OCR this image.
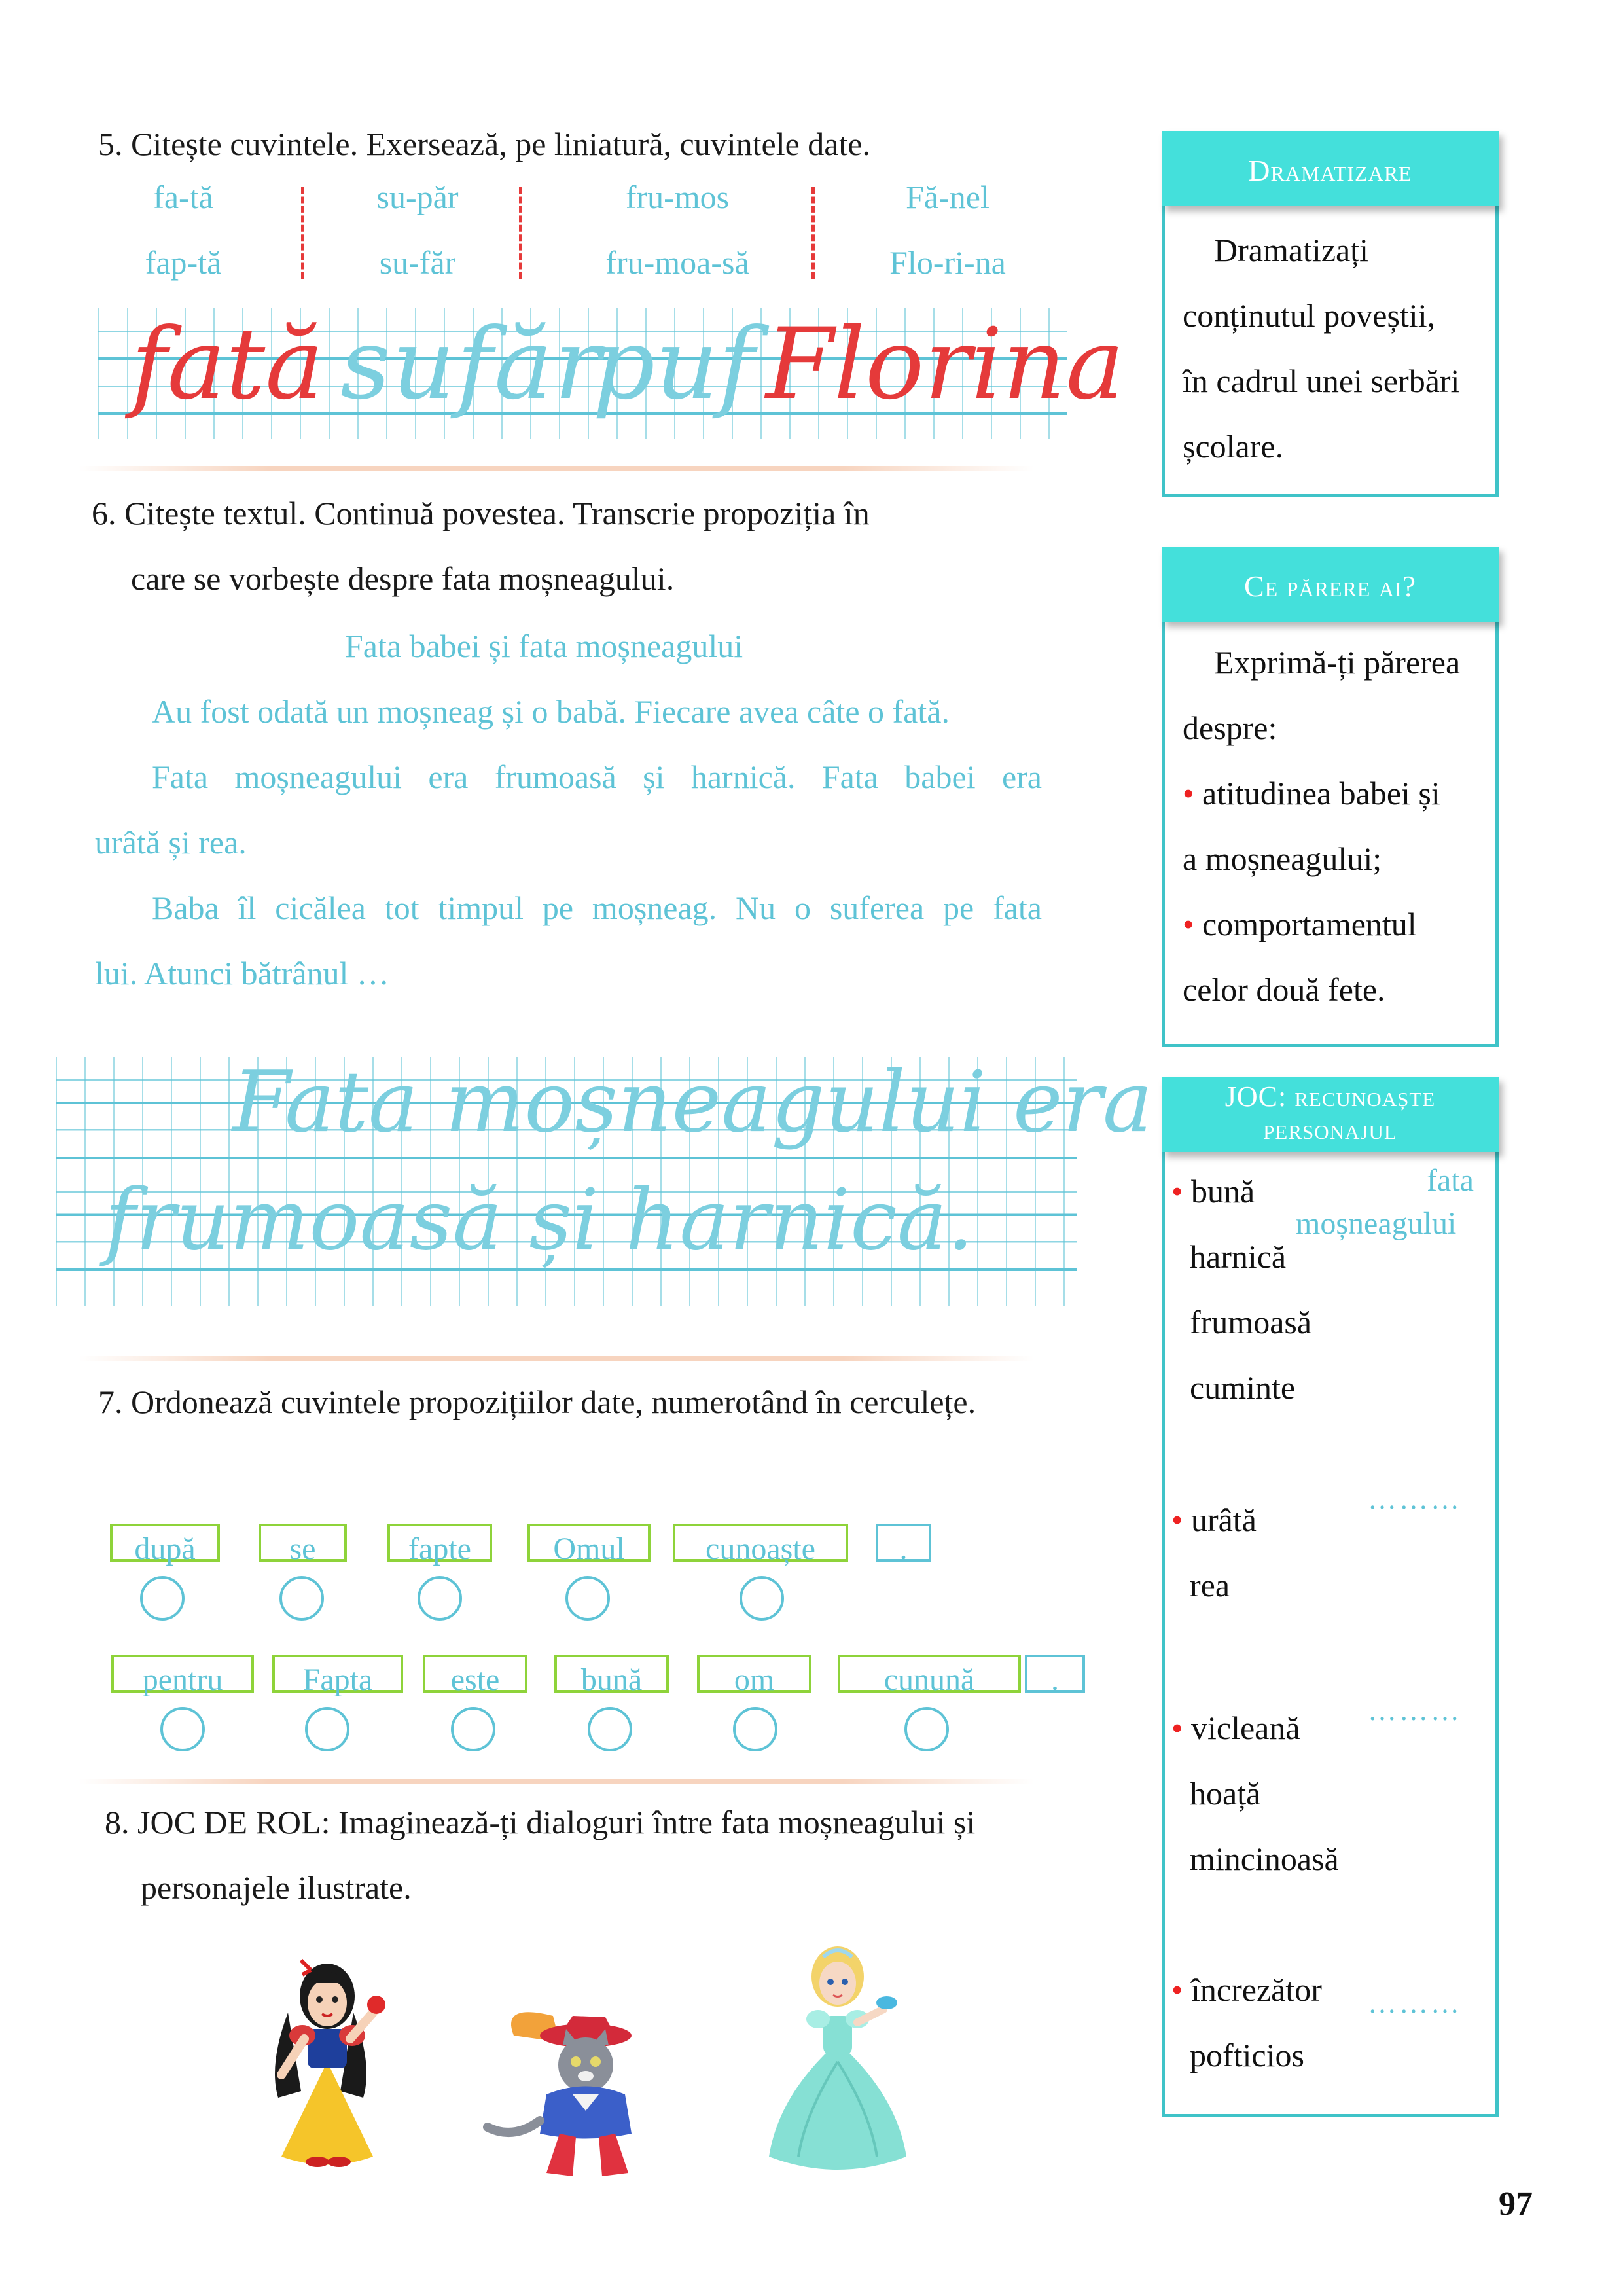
5. Citește cuvintele. Exersează, pe liniatură, cuvintele date.
fa-tă	su-păr	fru-mos	Fă-nel
fap-tă	su-făr	fru-moa-să	Flo-ri-na
fată sufăr
puf Florina
6. Citește textul. Continuă povestea. Transcrie propoziția în
care se vorbește despre fata moșneagului.
Fata babei și fata moșneagului
Au fost odată un moșneag și o babă. Fiecare avea câte o fată.
Fata moșneagului era frumoasă și harnică. Fata babei era
urâtă și rea.
Baba îl cicălea tot timpul pe moșneag. Nu o suferea pe fata
lui. Atunci bătrânul …
Fata moșneagului era
frumoasă și harnică.
7. Ordonează cuvintele propozițiilor date, numerotând în cerculețe.
după	se	fapte	Omul	cunoaște	.
pentru	Fapta	este	bună	om	cunună	.
8. JOC DE ROL: Imaginează-ți dialoguri între fata moșneagului și
personajele ilustrate.
Dramatizare
Dramatizați
conținutul poveștii,
în cadrul unei serbări
școlare.
Ce părere ai?
Exprimă-ți părerea
despre:
• atitudinea babei și
a moșneagului;
• comportamentul
celor două fete.
JOC: recunoaște
personajul
fata
moșneagului
• bună
harnică
frumoasă
cuminte
………
• urâtă
rea
………
• vicleană
hoață
mincinoasă
………
• încrezător
pofticios
97
